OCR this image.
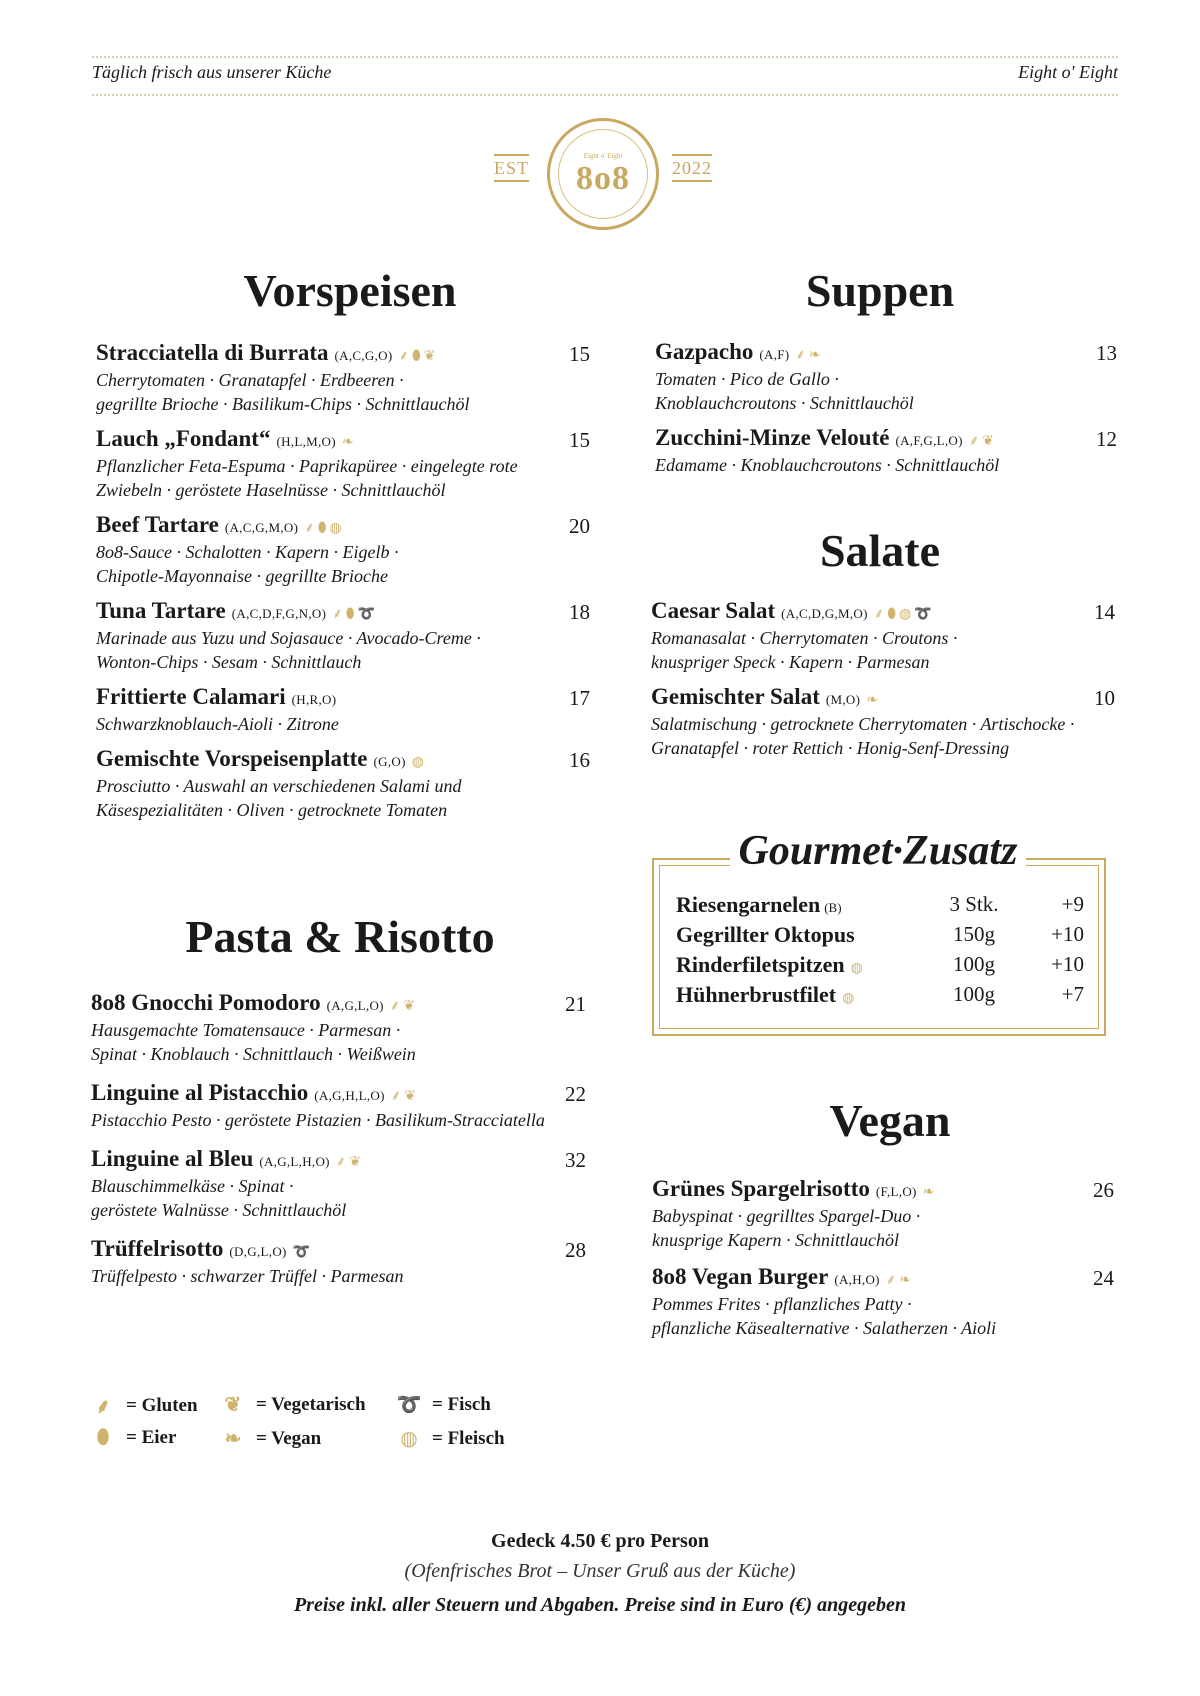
Täglich frisch aus unserer Küche	Eight o' Eight
EST
Eight o' Eight
8o8 2022
Vorspeisen
Stracciatella di Burrata (A,C,G,O) ⸙ ⬮ ❦	15
Cherrytomaten · Granatapfel · Erdbeeren ·
gegrillte Brioche · Basilikum-Chips · Schnittlauchöl
Lauch „Fondant“ (H,L,M,O) ❧	15
Pflanzlicher Feta-Espuma · Paprikapüree · eingelegte rote
Zwiebeln · geröstete Haselnüsse · Schnittlauchöl
Beef Tartare (A,C,G,M,O) ⸙ ⬮ ◍	20
8o8-Sauce · Schalotten · Kapern · Eigelb ·
Chipotle-Mayonnaise · gegrillte Brioche
Tuna Tartare (A,C,D,F,G,N,O) ⸙ ⬮ ➰	18
Marinade aus Yuzu und Sojasauce · Avocado-Creme ·
Wonton-Chips · Sesam · Schnittlauch
Frittierte Calamari (H,R,O)	17
Schwarzknoblauch-Aioli · Zitrone
Gemischte Vorspeisenplatte (G,O) ◍	16
Prosciutto · Auswahl an verschiedenen Salami und
Käsespezialitäten · Oliven · getrocknete Tomaten
Pasta & Risotto
8o8 Gnocchi Pomodoro (A,G,L,O) ⸙ ❦	21
Hausgemachte Tomatensauce · Parmesan ·
Spinat · Knoblauch · Schnittlauch · Weißwein
Linguine al Pistacchio (A,G,H,L,O) ⸙ ❦	22
Pistacchio Pesto · geröstete Pistazien · Basilikum-Stracciatella
Linguine al Bleu (A,G,L,H,O) ⸙ ❦	32
Blauschimmelkäse · Spinat ·
geröstete Walnüsse · Schnittlauchöl
Trüffelrisotto (D,G,L,O) ➰	28
Trüffelpesto · schwarzer Trüffel · Parmesan
Suppen
Gazpacho (A,F) ⸙ ❧	13
Tomaten · Pico de Gallo ·
Knoblauchcroutons · Schnittlauchöl
Zucchini-Minze Velouté (A,F,G,L,O) ⸙ ❦	12
Edamame · Knoblauchcroutons · Schnittlauchöl
Salate
Caesar Salat (A,C,D,G,M,O) ⸙ ⬮ ◍ ➰	14
Romanasalat · Cherrytomaten · Croutons ·
knuspriger Speck · Kapern · Parmesan
Gemischter Salat (M,O) ❧	10
Salatmischung · getrocknete Cherrytomaten · Artischocke ·
Granatapfel · roter Rettich · Honig-Senf-Dressing
Gourmet·Zusatz
Riesengarnelen (B)	3 Stk.	+9
Gegrillter Oktopus	150g	+10
Rinderfiletspitzen ◍	100g	+10
Hühnerbrustfilet ◍	100g	+7
Vegan
Grünes Spargelrisotto (F,L,O) ❧	26
Babyspinat · gegrilltes Spargel-Duo ·
knusprige Kapern · Schnittlauchöl
8o8 Vegan Burger (A,H,O) ⸙ ❧	24
Pommes Frites · pflanzliches Patty ·
pflanzliche Käsealternative · Salatherzen · Aioli
⸙ = Gluten	❦ = Vegetarisch ➰ = Fisch
⬮ = Eier	❧ = Vegan	◍ = Fleisch
Gedeck 4.50 € pro Person
(Ofenfrisches Brot – Unser Gruß aus der Küche)
Preise inkl. aller Steuern und Abgaben. Preise sind in Euro (€) angegeben
